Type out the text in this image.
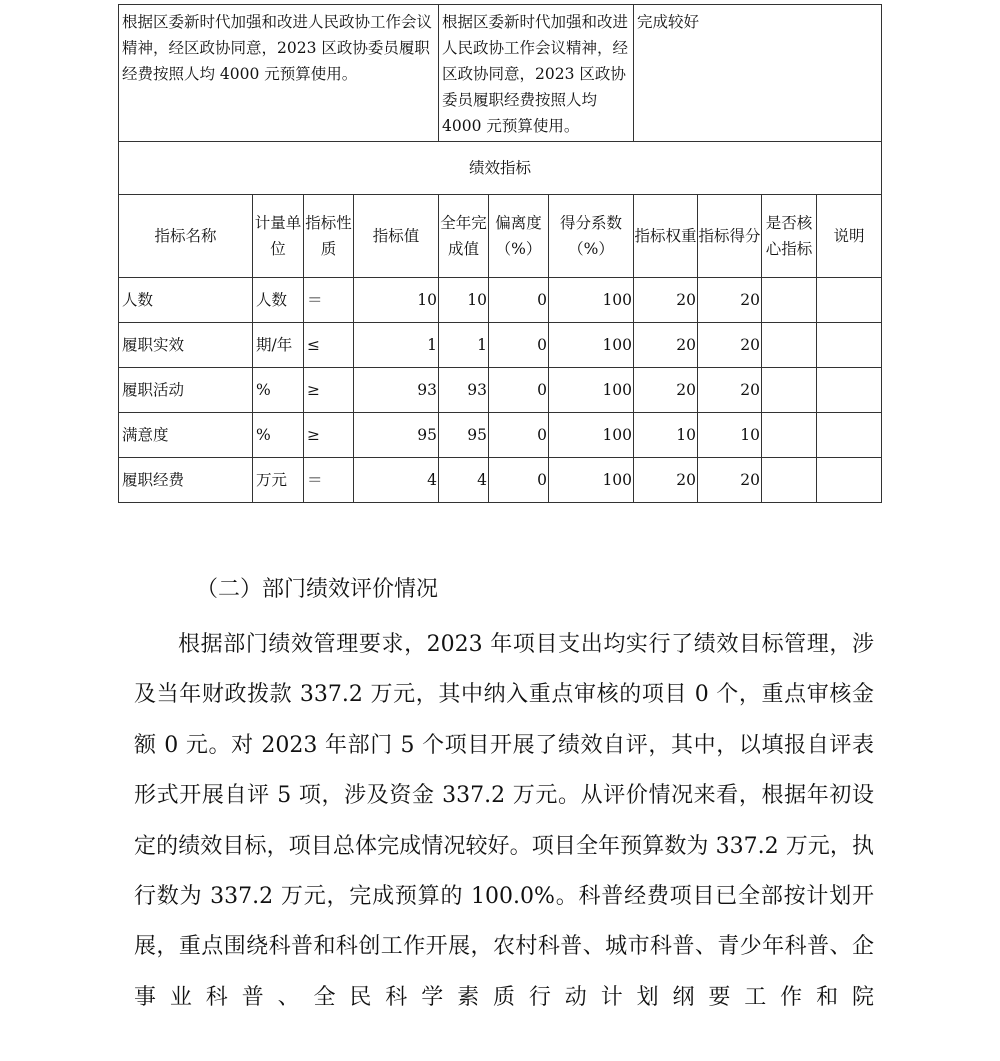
根据区委新时代加强和改进人民政协工作会议精神，经区政协同意，2023 区政协委员履职经费按照人均 4000 元预算使用。				根据区委新时代加强和改进人民政协工作会议精神，经区政协同意，2023 区政协委员履职经费按照人均 4000 元预算使用。			完成较好			
绩效指标										
指标名称	计量单位	指标性质	指标值	全年完成值	偏离度（%）	得分系数（%）	指标权重	指标得分	是否核心指标	说明
人数	人数	＝	10	10	0	100	20	20		
履职实效	期/年	≤	1	1	0	100	20	20		
履职活动	%	≥	93	93	0	100	20	20		
满意度	%	≥	95	95	0	100	10	10		
履职经费	万元	＝	4	4	0	100	20	20		
（二）部门绩效评价情况

根据部门绩效管理要求，2023 年项目支出均实行了绩效目标管理，涉及当年财政拨款 337.2 万元，其中纳入重点审核的项目 0 个，重点审核金额 0 元。对 2023 年部门 5 个项目开展了绩效自评，其中，以填报自评表形式开展自评 5 项，涉及资金 337.2 万元。从评价情况来看，根据年初设定的绩效目标，项目总体完成情况较好。项目全年预算数为 337.2 万元，执行数为 337.2 万元，完成预算的 100.0%。科普经费项目已全部按计划开展，重点围绕科普和科创工作开展，农村科普、城市科普、青少年科普、企事业科普、全民科学素质行动计划纲要工作和院
